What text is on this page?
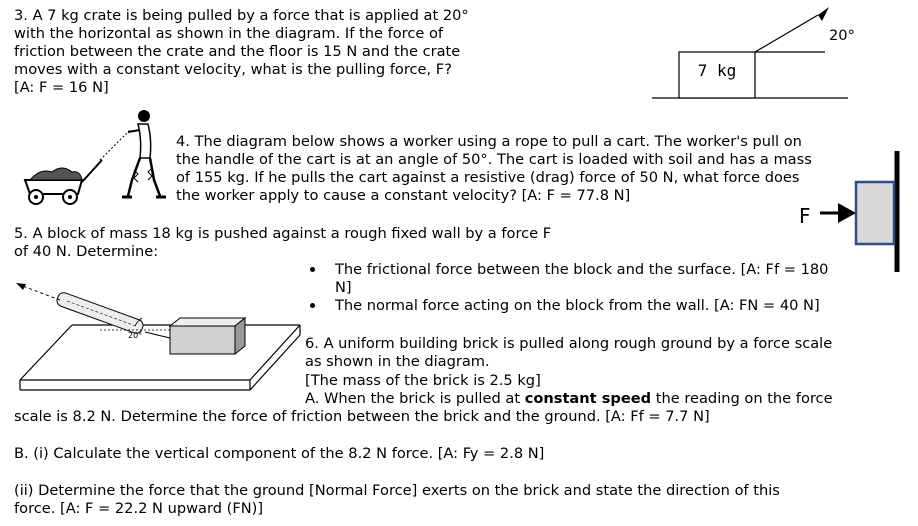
7 kg
20°
F
20°
3. A 7 kg crate is being pulled by a force that is applied at 20°
with the horizontal as shown in the diagram. If the force of
friction between the crate and the floor is 15 N and the crate
moves with a constant velocity, what is the pulling force, F?
[A: F = 16 N]
4. The diagram below shows a worker using a rope to pull a cart. The worker's pull on
the handle of the cart is at an angle of 50°. The cart is loaded with soil and has a mass
of 155 kg. If he pulls the cart against a resistive (drag) force of 50 N, what force does
the worker apply to cause a constant velocity? [A: F = 77.8 N]
5. A block of mass 18 kg is pushed against a rough fixed wall by a force F
of 40 N. Determine:
The frictional force between the block and the surface. [A: Ff = 180
N]
The normal force acting on the block from the wall. [A: FN = 40 N]
6. A uniform building brick is pulled along rough ground by a force scale
as shown in the diagram.
[The mass of the brick is 2.5 kg]
A. When the brick is pulled at constant speed the reading on the force
scale is 8.2 N. Determine the force of friction between the brick and the ground. [A: Ff = 7.7 N]
B. (i) Calculate the vertical component of the 8.2 N force. [A: Fy = 2.8 N]
(ii) Determine the force that the ground [Normal Force] exerts on the brick and state the direction of this
force. [A: F = 22.2 N upward (FN)]
